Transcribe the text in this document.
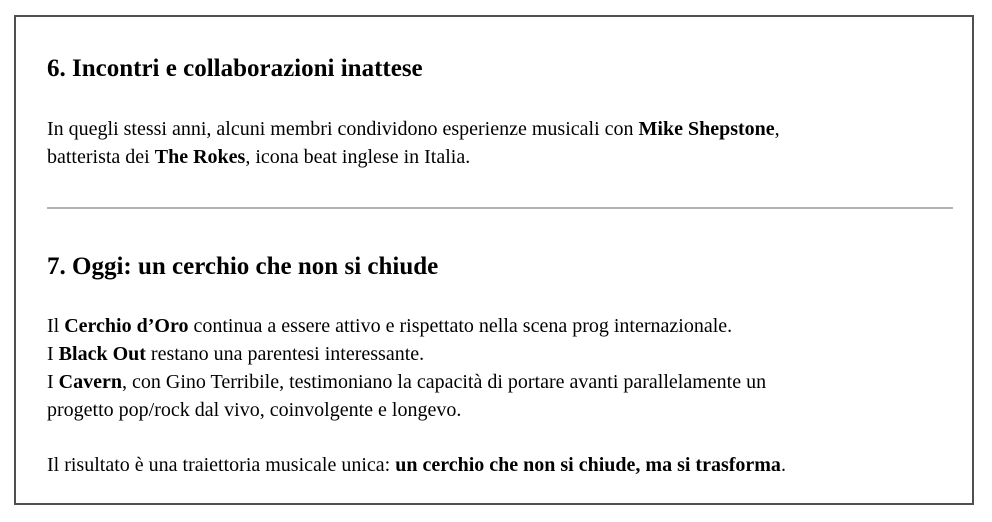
6. Incontri e collaborazioni inattese

In quegli stessi anni, alcuni membri condividono esperienze musicali con Mike Shepstone,
batterista dei The Rokes, icona beat inglese in Italia.

7. Oggi: un cerchio che non si chiude

Il Cerchio d’Oro continua a essere attivo e rispettato nella scena prog internazionale.
I Black Out restano una parentesi interessante.
I Cavern, con Gino Terribile, testimoniano la capacità di portare avanti parallelamente un
progetto pop/rock dal vivo, coinvolgente e longevo.

Il risultato è una traiettoria musicale unica: un cerchio che non si chiude, ma si trasforma.
